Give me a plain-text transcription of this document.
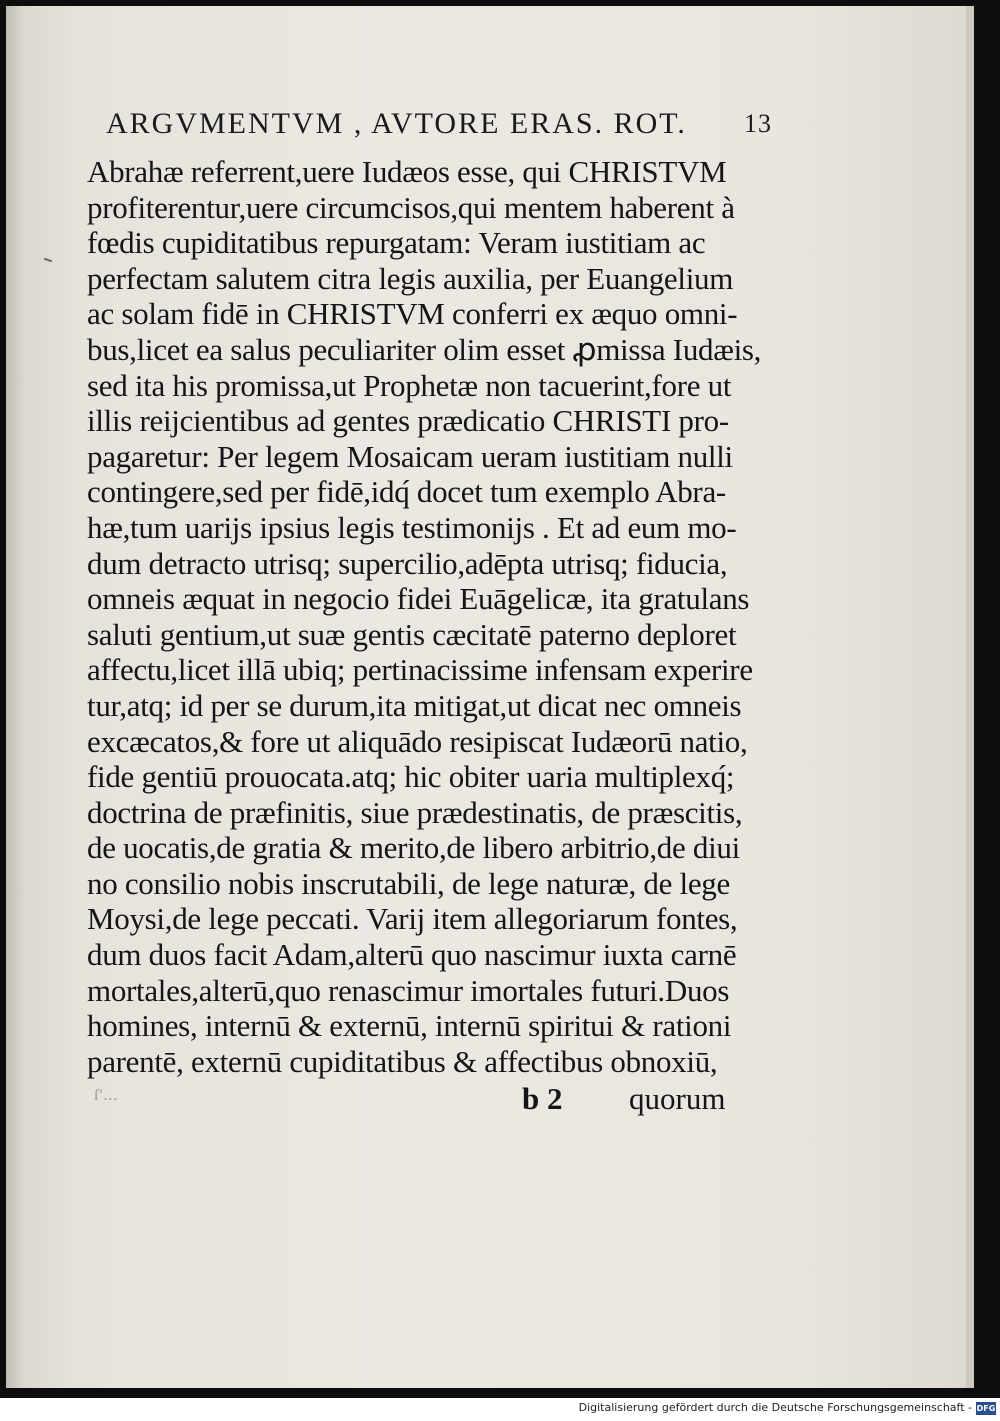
ARGVMENTVM , AVTORE ERAS. ROT. 13
Abrahæ referrent,uere Iudæos esse, qui CHRISTVM
profiterentur,uere circumcisos,qui mentem haberent à
fœdis cupiditatibus repurgatam: Veram iustitiam ac
perfectam salutem citra legis auxilia, per Euangelium
ac solam fidē in CHRISTVM conferri ex æquo omni-
bus,licet ea salus peculiariter olim esset ꝓmissa Iudæis,
sed ita his promissa,ut Prophetæ non tacuerint,fore ut
illis reijcientibus ad gentes prædicatio CHRISTI pro-
pagaretur: Per legem Mosaicam ueram iustitiam nulli
contingere,sed per fidē,idq́ docet tum exemplo Abra-
hæ,tum uarijs ipsius legis testimonijs . Et ad eum mo-
dum detracto utrisq; supercilio,adēpta utrisq; fiducia,
omneis æquat in negocio fidei Euāgelicæ, ita gratulans
saluti gentium,ut suæ gentis cæcitatē paterno deploret
affectu,licet illā ubiq; pertinacissime infensam experire
tur,atq; id per se durum,ita mitigat,ut dicat nec omneis
excæcatos,& fore ut aliquādo resipiscat Iudæorū natio,
fide gentiū prouocata.atq; hic obiter uaria multiplexq́;
doctrina de præfinitis, siue prædestinatis, de præscitis,
de uocatis,de gratia & merito,de libero arbitrio,de diui
no consilio nobis inscrutabili, de lege naturæ, de lege
Moysi,de lege peccati. Varij item allegoriarum fontes,
dum duos facit Adam,alterū quo nascimur iuxta carnē
mortales,alterū,quo renascimur imortales futuri.Duos
homines, internū & externū, internū spiritui & rationi
parentē, externū cupiditatibus & affectibus obnoxiū,
ſ'...	b 2 quorum
Digitalisierung gefördert durch die Deutsche Forschungsgemeinschaft - DFG
